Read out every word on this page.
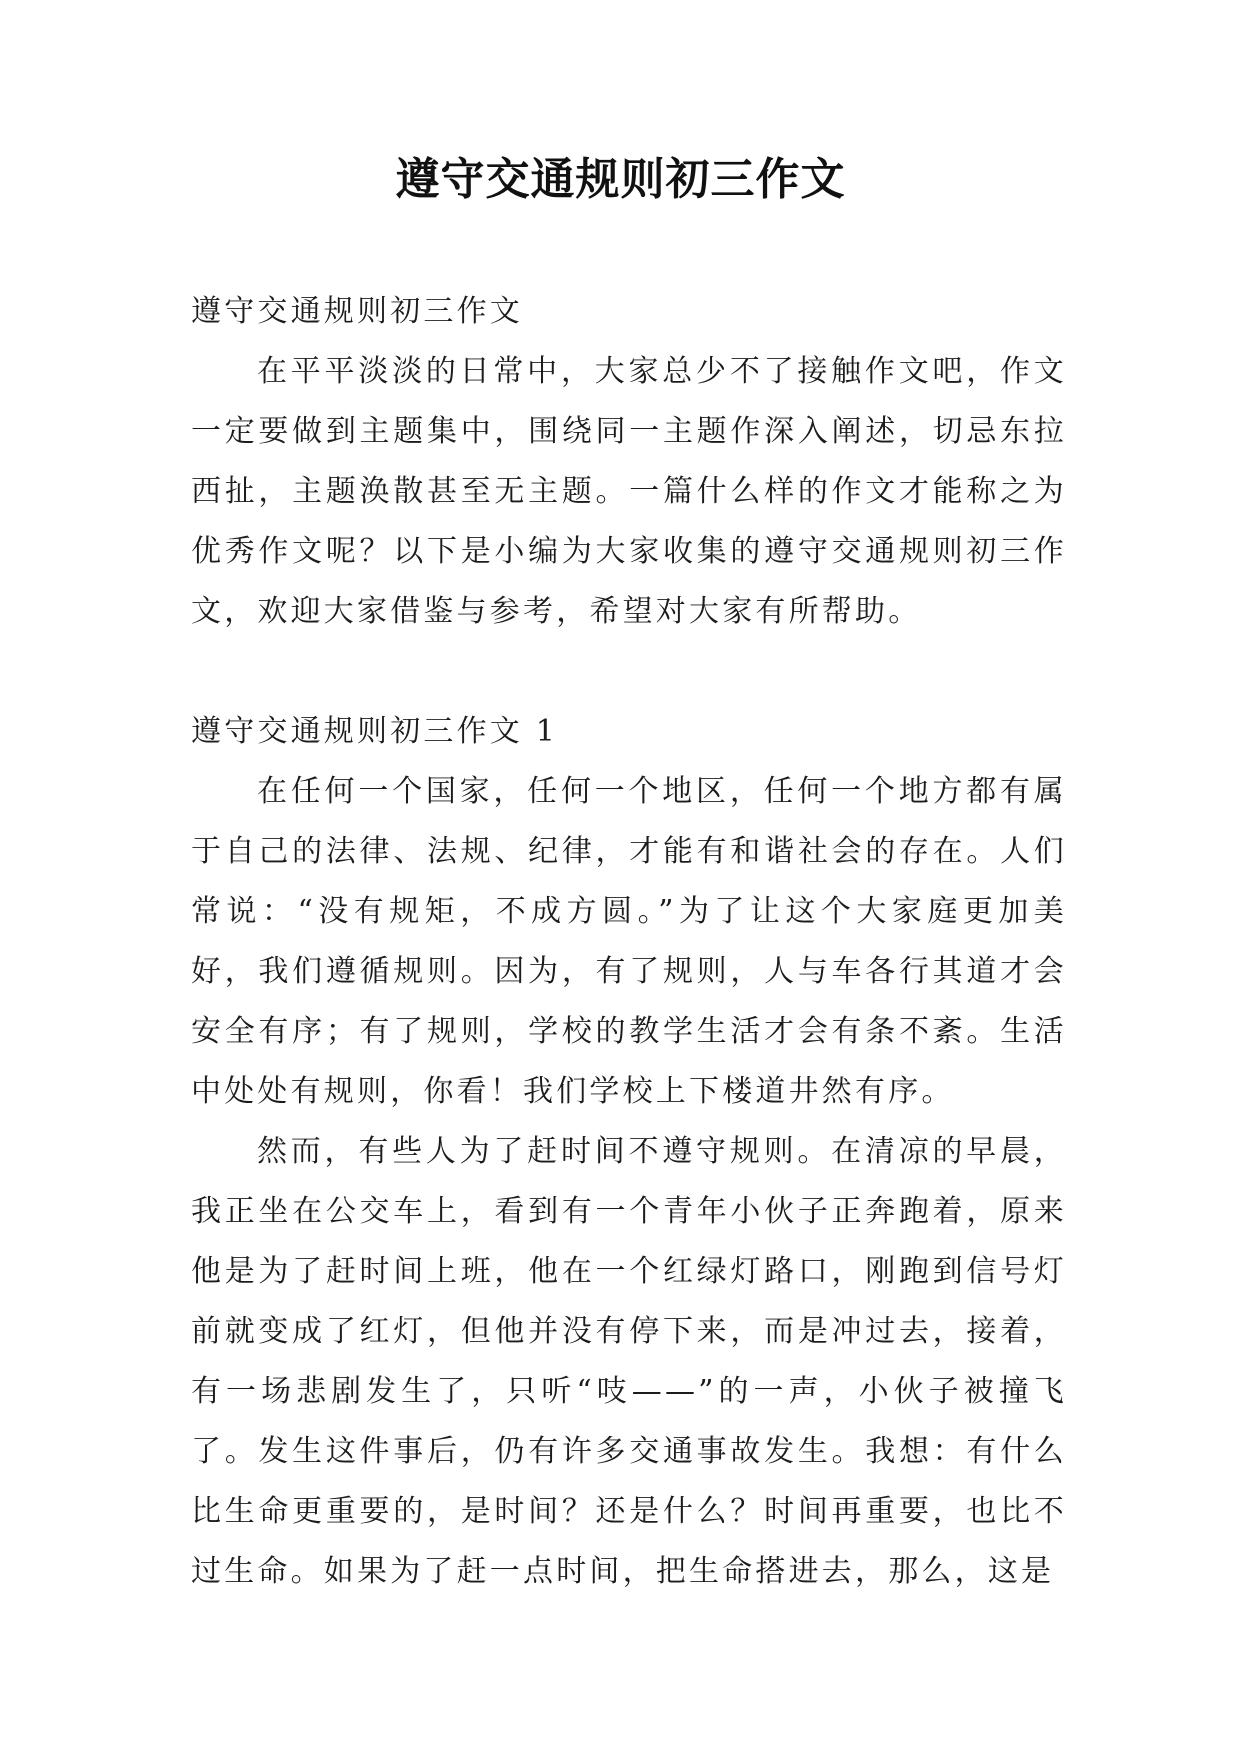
遵守交通规则初三作文

遵守交通规则初三作文

在平平淡淡的日常中，大家总少不了接触作文吧，作文一定要做到主题集中，围绕同一主题作深入阐述，切忌东拉西扯，主题涣散甚至无主题。一篇什么样的作文才能称之为优秀作文呢？以下是小编为大家收集的遵守交通规则初三作文，欢迎大家借鉴与参考，希望对大家有所帮助。

遵守交通规则初三作文 1

在任何一个国家，任何一个地区，任何一个地方都有属于自己的法律、法规、纪律，才能有和谐社会的存在。人们常说：“没有规矩，不成方圆。”为了让这个大家庭更加美好，我们遵循规则。因为，有了规则，人与车各行其道才会安全有序；有了规则，学校的教学生活才会有条不紊。生活中处处有规则，你看！我们学校上下楼道井然有序。

然而，有些人为了赶时间不遵守规则。在清凉的早晨，我正坐在公交车上，看到有一个青年小伙子正奔跑着，原来他是为了赶时间上班，他在一个红绿灯路口，刚跑到信号灯前就变成了红灯，但他并没有停下来，而是冲过去，接着，有一场悲剧发生了，只听“吱——”的一声，小伙子被撞飞了。发生这件事后，仍有许多交通事故发生。我想：有什么比生命更重要的，是时间？还是什么？时间再重要，也比不过生命。如果为了赶一点时间，把生命搭进去，那么，这是
